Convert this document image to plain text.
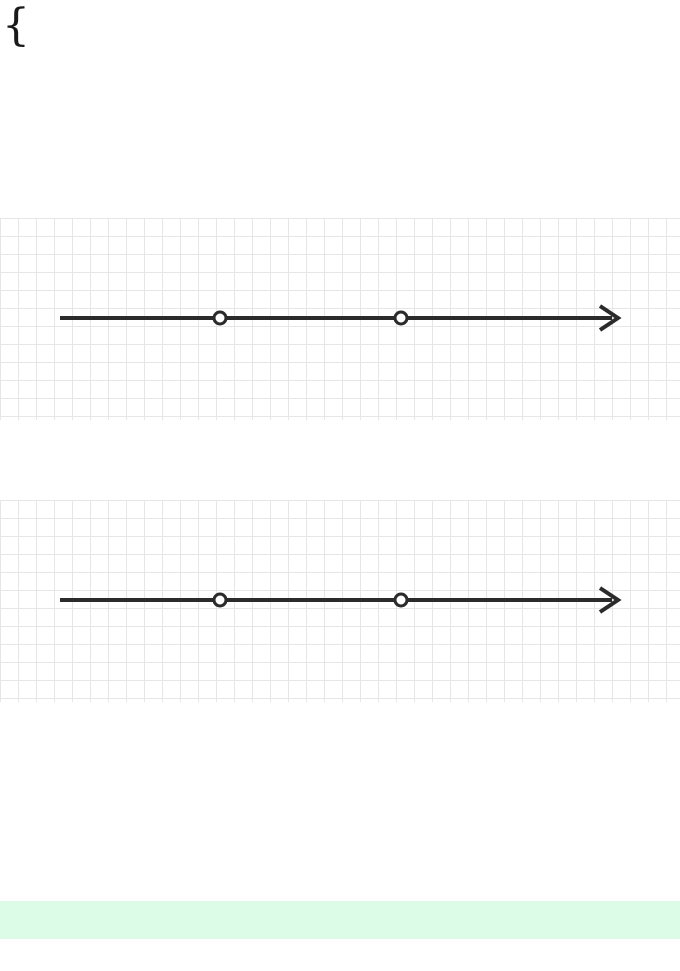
{
